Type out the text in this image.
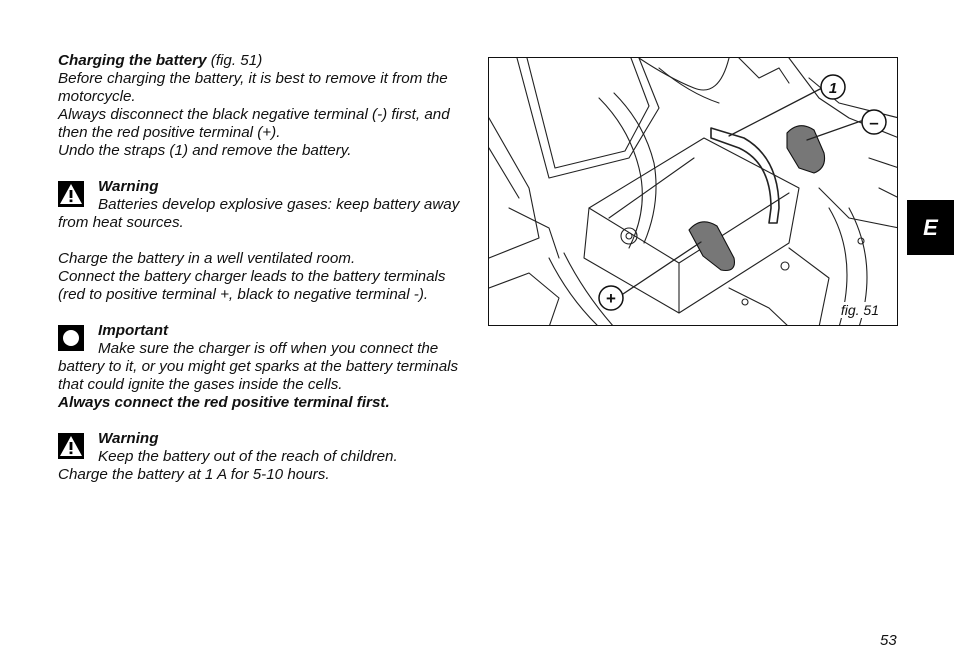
Charging the battery (fig. 51)

Before charging the battery, it is best to remove it from the motorcycle.

Always disconnect the black negative terminal (-) first, and then the red positive terminal (+).

Undo the straps (1) and remove the battery.

Warning

Batteries develop explosive gases: keep battery away from heat sources.

Charge the battery in a well ventilated room.

Connect the battery charger leads to the battery terminals (red to positive terminal +, black to negative terminal -).

Important

Make sure the charger is off when you connect the battery to it, or you might get sparks at the battery terminals that could ignite the gases inside the cells.

Always connect the red positive terminal first.

Warning

Keep the battery out of the reach of children.

Charge the battery at 1 A for 5-10 hours.

1
–
+
fig. 51
E
53
